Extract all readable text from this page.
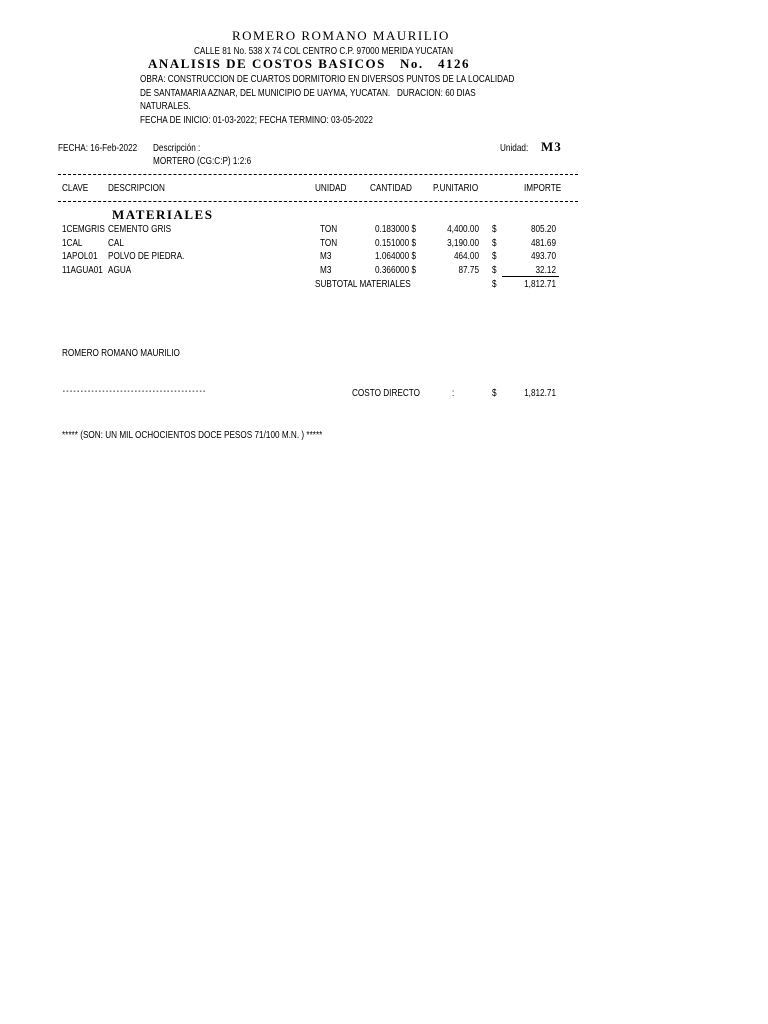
ROMERO ROMANO MAURILIO
CALLE 81 No. 538 X 74 COL CENTRO C.P. 97000 MERIDA YUCATAN
ANALISIS DE COSTOS BASICOS No. 4126
OBRA: CONSTRUCCION DE CUARTOS DORMITORIO EN DIVERSOS PUNTOS DE LA LOCALIDAD
DE SANTAMARIA AZNAR, DEL MUNICIPIO DE UAYMA, YUCATAN.   DURACION: 60 DIAS
NATURALES.
FECHA DE INICIO: 01-03-2022; FECHA TERMINO: 03-05-2022
FECHA: 16-Feb-2022 Descripción :
MORTERO (CG:C:P) 1:2:6
Unidad: M3
CLAVE DESCRIPCION	UNIDAD CANTIDAD P.UNITARIO	IMPORTE
MATERIALES
1CEMGRIS CEMENTO GRIS	TON	0.183000 $	4,400.00 $	805.20
1CAL CAL	TON	0.151000 $	3,190.00 $	481.69
1APOL01 POLVO DE PIEDRA.	M3	1.064000 $	464.00 $	493.70
11AGUA01 AGUA	M3	0.366000 $	87.75 $	32.12
SUBTOTAL MATERIALES	$	1,812.71
ROMERO ROMANO MAURILIO
----------------------------------------	COSTO DIRECTO	:	$	1,812.71
***** (SON: UN MIL OCHOCIENTOS DOCE PESOS 71/100 M.N. ) *****
